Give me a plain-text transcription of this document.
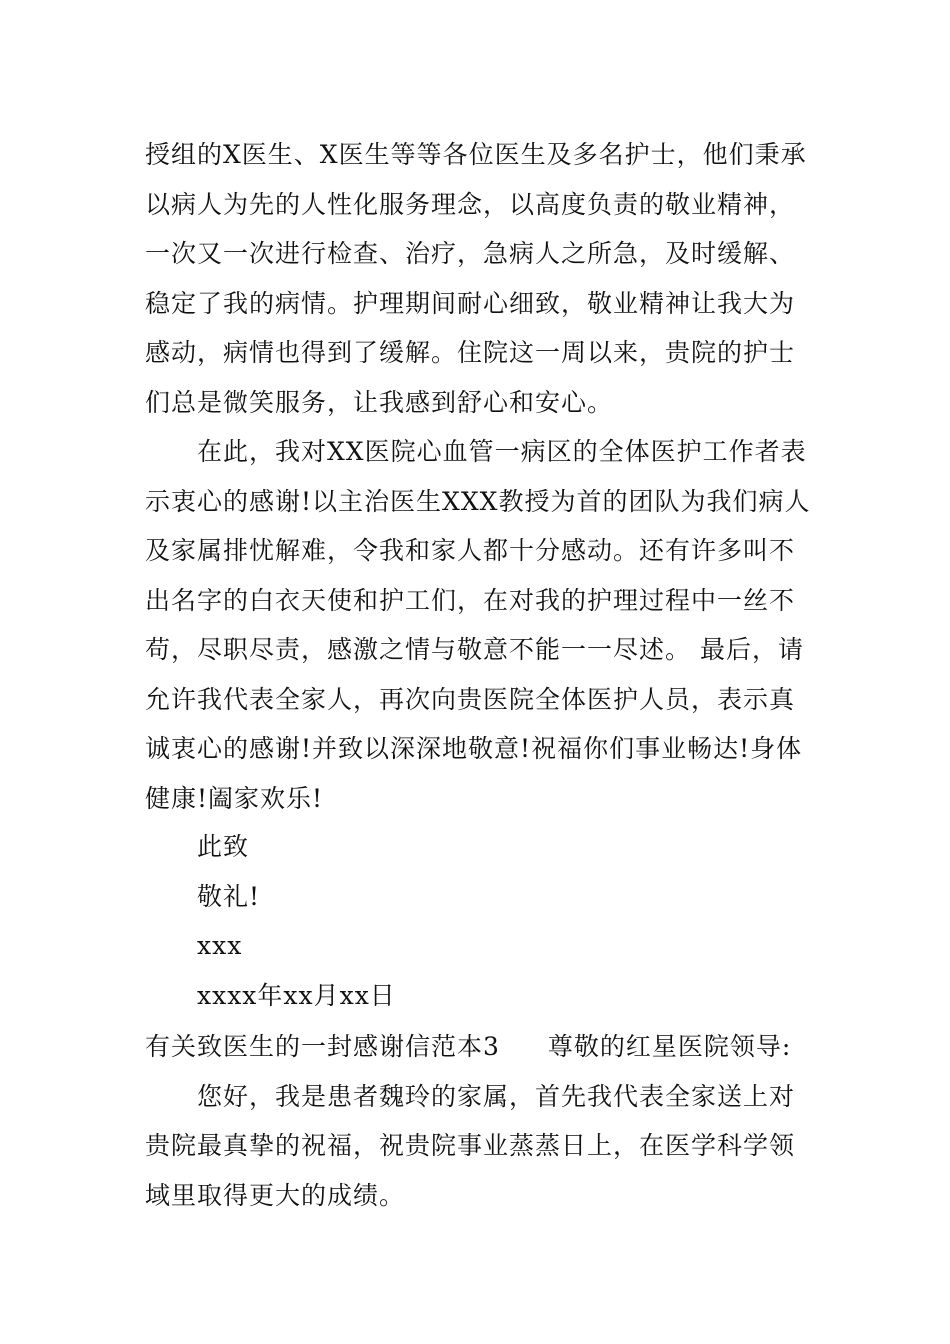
授组的X医生、X医生等等各位医生及多名护士，他们秉承
以病人为先的人性化服务理念，以高度负责的敬业精神，
一次又一次进行检查、治疗，急病人之所急，及时缓解、
稳定了我的病情。护理期间耐心细致，敬业精神让我大为
感动，病情也得到了缓解。住院这一周以来，贵院的护士
们总是微笑服务，让我感到舒心和安心。
在此，我对XX医院心血管一病区的全体医护工作者表
示衷心的感谢!以主治医生XXX教授为首的团队为我们病人
及家属排忧解难，令我和家人都十分感动。还有许多叫不
出名字的白衣天使和护工们，在对我的护理过程中一丝不
苟，尽职尽责，感激之情与敬意不能一一尽述。 最后，请
允许我代表全家人，再次向贵医院全体医护人员，表示真
诚衷心的感谢!并致以深深地敬意!祝福你们事业畅达!身体
健康!阖家欢乐!
此致
敬礼!
xxx
xxxx年xx月xx日
有关致医生的一封感谢信范本3 尊敬的红星医院领导:
您好，我是患者魏玲的家属，首先我代表全家送上对
贵院最真挚的祝福，祝贵院事业蒸蒸日上，在医学科学领
域里取得更大的成绩。
